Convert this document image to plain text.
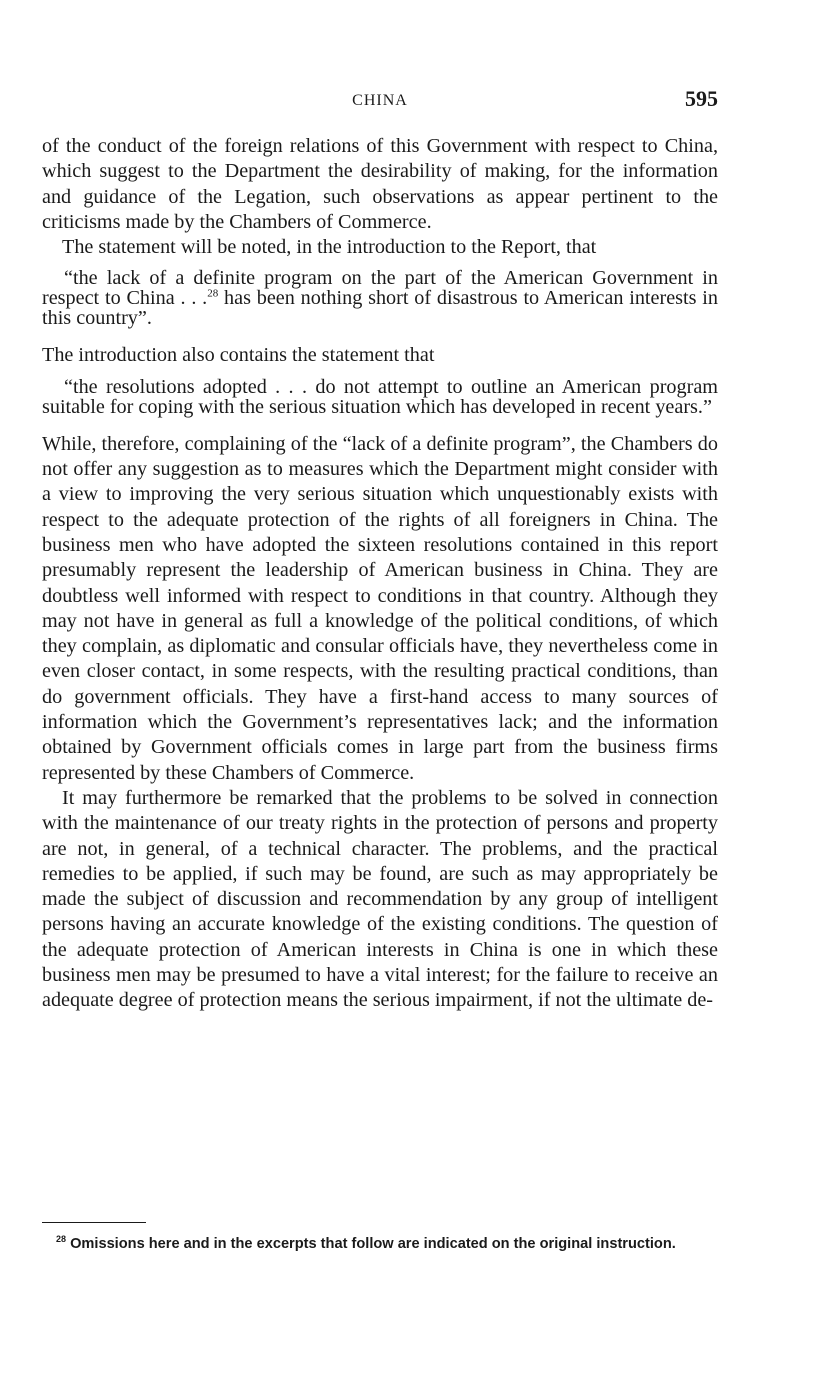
CHINA	595

of the conduct of the foreign relations of this Government with respect to China, which suggest to the Department the desirability of making, for the information and guidance of the Legation, such observations as appear pertinent to the criticisms made by the Chambers of Commerce.

The statement will be noted, in the introduction to the Report, that

“the lack of a definite program on the part of the American Government in respect to China . . .$^{28}$ has been nothing short of disastrous to American interests in this country”.

The introduction also contains the statement that

“the resolutions adopted . . . do not attempt to outline an American program suitable for coping with the serious situation which has developed in recent years.”

While, therefore, complaining of the “lack of a definite program”, the Chambers do not offer any suggestion as to measures which the Department might consider with a view to improving the very serious situation which unquestionably exists with respect to the adequate protection of the rights of all foreigners in China. The business men who have adopted the sixteen resolutions contained in this report presumably represent the leadership of American business in China. They are doubtless well informed with respect to conditions in that country. Although they may not have in general as full a knowledge of the political conditions, of which they complain, as diplomatic and consular officials have, they nevertheless come in even closer contact, in some respects, with the resulting practical conditions, than do government officials. They have a first-hand access to many sources of information which the Government’s representatives lack; and the information obtained by Government officials comes in large part from the business firms represented by these Chambers of Commerce.

It may furthermore be remarked that the problems to be solved in connection with the maintenance of our treaty rights in the protection of persons and property are not, in general, of a technical character. The problems, and the practical remedies to be applied, if such may be found, are such as may appropriately be made the subject of discussion and recommendation by any group of intelligent persons having an accurate knowledge of the existing conditions. The question of the adequate protection of American interests in China is one in which these business men may be presumed to have a vital interest; for the failure to receive an adequate degree of protection means the serious impairment, if not the ultimate de-

$^{28}$ Omissions here and in the excerpts that follow are indicated on the original instruction.
